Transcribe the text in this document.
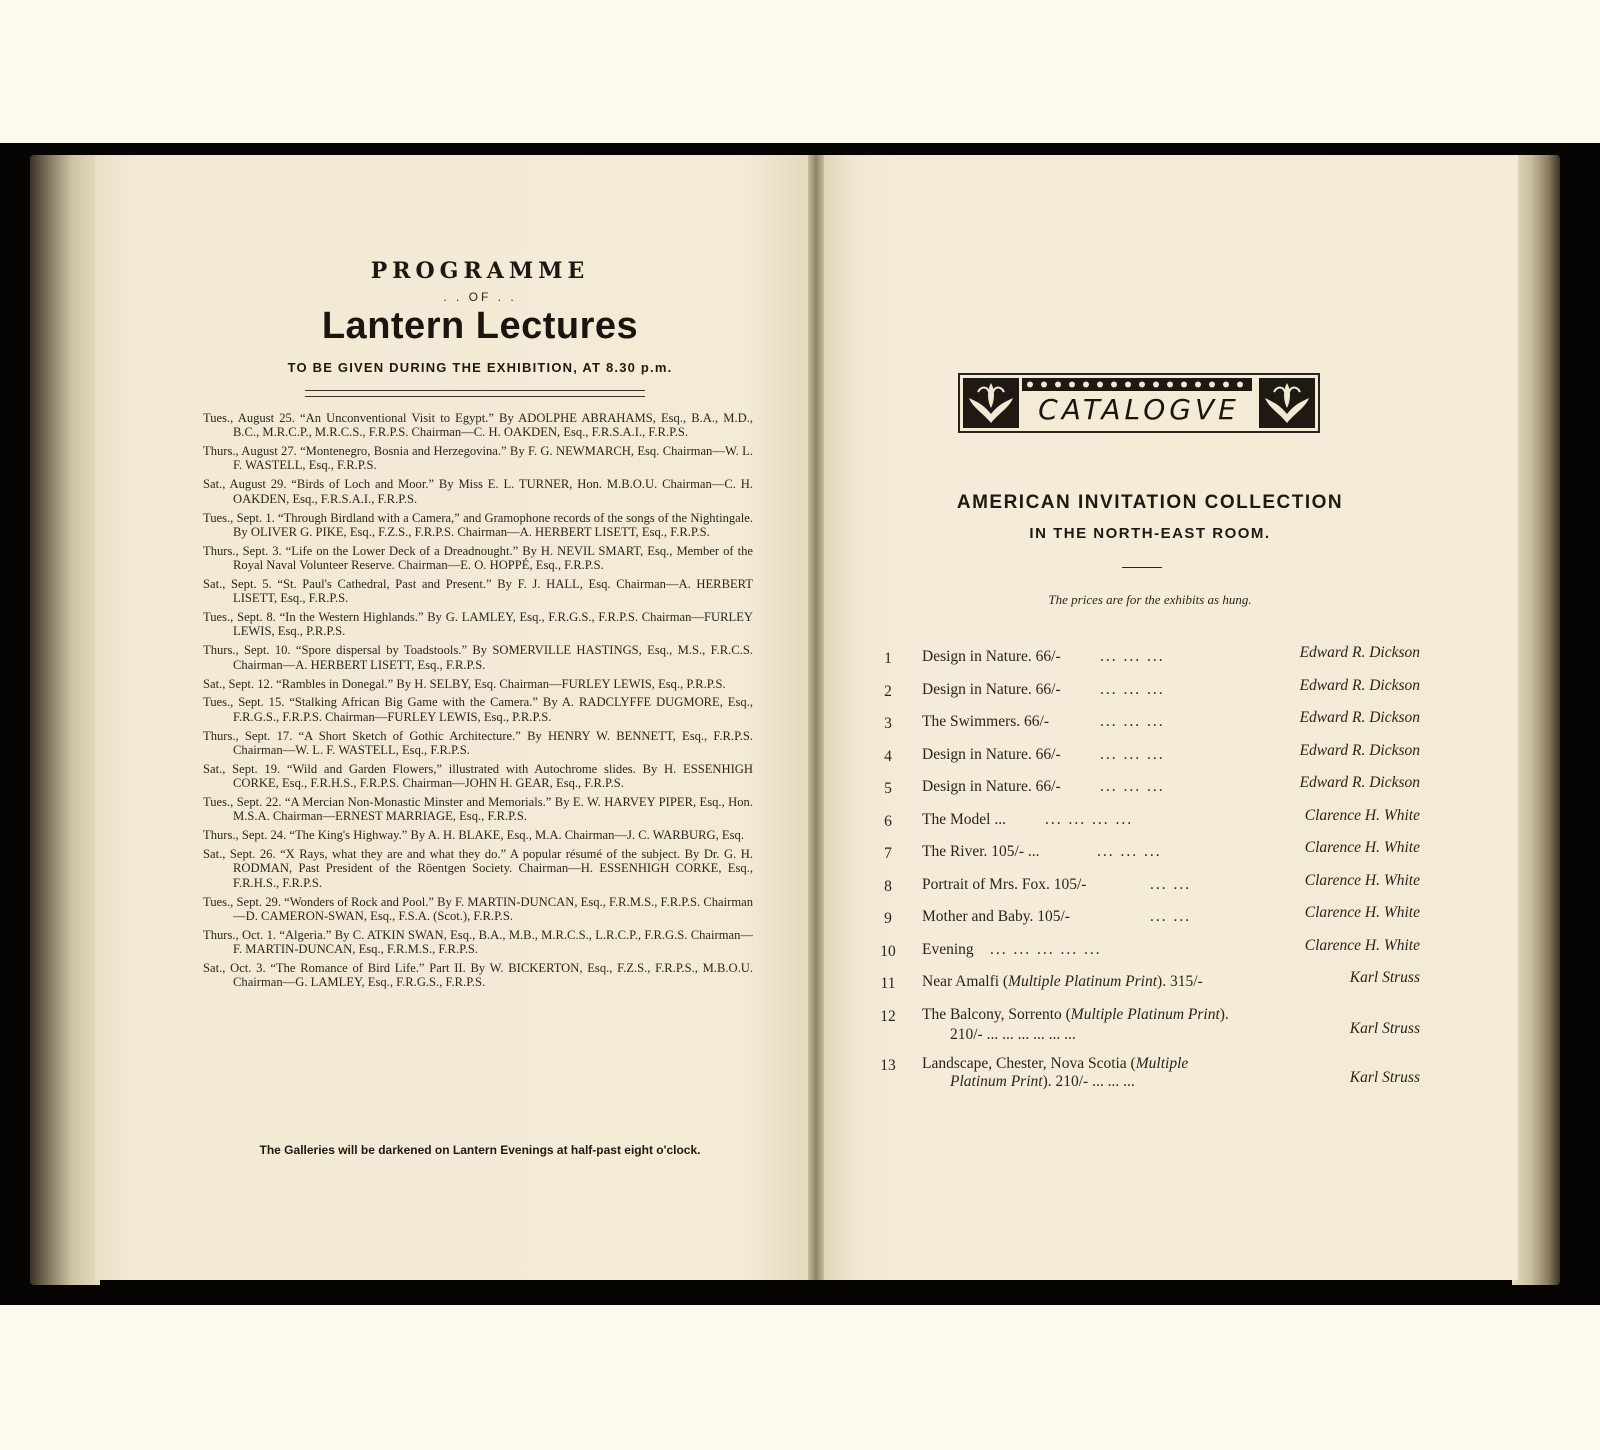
PROGRAMME
. . OF . .
Lantern Lectures
TO BE GIVEN DURING THE EXHIBITION, AT 8.30 p.m.

Tues., August 25. “An Unconventional Visit to Egypt.” By ADOLPHE ABRAHAMS, Esq., B.A., M.D., B.C., M.R.C.P., M.R.C.S., F.R.P.S. Chairman—C. H. OAKDEN, Esq., F.R.S.A.I., F.R.P.S.

Thurs., August 27. “Montenegro, Bosnia and Herzegovina.” By F. G. NEWMARCH, Esq. Chairman—W. L. F. WASTELL, Esq., F.R.P.S.

Sat., August 29. “Birds of Loch and Moor.” By Miss E. L. TURNER, Hon. M.B.O.U. Chairman—C. H. OAKDEN, Esq., F.R.S.A.I., F.R.P.S.

Tues., Sept. 1. “Through Birdland with a Camera,” and Gramophone records of the songs of the Nightingale. By OLIVER G. PIKE, Esq., F.Z.S., F.R.P.S. Chairman—A. HERBERT LISETT, Esq., F.R.P.S.

Thurs., Sept. 3. “Life on the Lower Deck of a Dreadnought.” By H. NEVIL SMART, Esq., Member of the Royal Naval Volunteer Reserve. Chairman—E. O. HOPPÉ, Esq., F.R.P.S.

Sat., Sept. 5. “St. Paul's Cathedral, Past and Present.” By F. J. HALL, Esq. Chairman—A. HERBERT LISETT, Esq., F.R.P.S.

Tues., Sept. 8. “In the Western Highlands.” By G. LAMLEY, Esq., F.R.G.S., F.R.P.S. Chairman—FURLEY LEWIS, Esq., P.R.P.S.

Thurs., Sept. 10. “Spore dispersal by Toadstools.” By SOMERVILLE HASTINGS, Esq., M.S., F.R.C.S. Chairman—A. HERBERT LISETT, Esq., F.R.P.S.

Sat., Sept. 12. “Rambles in Donegal.” By H. SELBY, Esq. Chairman—FURLEY LEWIS, Esq., P.R.P.S.

Tues., Sept. 15. “Stalking African Big Game with the Camera.” By A. RADCLYFFE DUGMORE, Esq., F.R.G.S., F.R.P.S. Chairman—FURLEY LEWIS, Esq., P.R.P.S.

Thurs., Sept. 17. “A Short Sketch of Gothic Architecture.” By HENRY W. BENNETT, Esq., F.R.P.S. Chairman—W. L. F. WASTELL, Esq., F.R.P.S.

Sat., Sept. 19. “Wild and Garden Flowers,” illustrated with Autochrome slides. By H. ESSENHIGH CORKE, Esq., F.R.H.S., F.R.P.S. Chairman—JOHN H. GEAR, Esq., F.R.P.S.

Tues., Sept. 22. “A Mercian Non-Monastic Minster and Memorials.” By E. W. HARVEY PIPER, Esq., Hon. M.S.A. Chairman—ERNEST MARRIAGE, Esq., F.R.P.S.

Thurs., Sept. 24. “The King's Highway.” By A. H. BLAKE, Esq., M.A. Chairman—J. C. WARBURG, Esq.

Sat., Sept. 26. “X Rays, what they are and what they do.” A popular résumé of the subject. By Dr. G. H. RODMAN, Past President of the Röentgen Society. Chairman—H. ESSENHIGH CORKE, Esq., F.R.H.S., F.R.P.S.

Tues., Sept. 29. “Wonders of Rock and Pool.” By F. MARTIN-DUNCAN, Esq., F.R.M.S., F.R.P.S. Chairman—D. CAMERON-SWAN, Esq., F.S.A. (Scot.), F.R.P.S.

Thurs., Oct. 1. “Algeria.” By C. ATKIN SWAN, Esq., B.A., M.B., M.R.C.S., L.R.C.P., F.R.G.S. Chairman—F. MARTIN-DUNCAN, Esq., F.R.M.S., F.R.P.S.

Sat., Oct. 3. “The Romance of Bird Life.” Part II. By W. BICKERTON, Esq., F.Z.S., F.R.P.S., M.B.O.U. Chairman—G. LAMLEY, Esq., F.R.G.S., F.R.P.S.

The Galleries will be darkened on Lantern Evenings at half-past eight o'clock.
CATALOGVE
AMERICAN INVITATION COLLECTION
IN THE NORTH-EAST ROOM.
The prices are for the exhibits as hung.
1	Design in Nature. 66/-	... ... ...	Edward R. Dickson
2	Design in Nature. 66/-	... ... ...	Edward R. Dickson
3	The Swimmers. 66/-	... ... ...	Edward R. Dickson
4	Design in Nature. 66/-	... ... ...	Edward R. Dickson
5	Design in Nature. 66/-	... ... ...	Edward R. Dickson
6	The Model ...	... ... ... ...	Clarence H. White
7	The River. 105/- ...	... ... ...	Clarence H. White
8	Portrait of Mrs. Fox. 105/-	... ...	Clarence H. White
9	Mother and Baby. 105/-	... ...	Clarence H. White
10	Evening ... ... ... ... ...	Clarence H. White
11	Near Amalfi (Multiple Platinum Print). 315/-	Karl Struss
12	The Balcony, Sorrento (Multiple Platinum Print).
210/- ... ... ... ... ... ...	Karl Struss
13	Landscape, Chester, Nova Scotia (Multiple
Platinum Print). 210/- ... ... ...	Karl Struss
